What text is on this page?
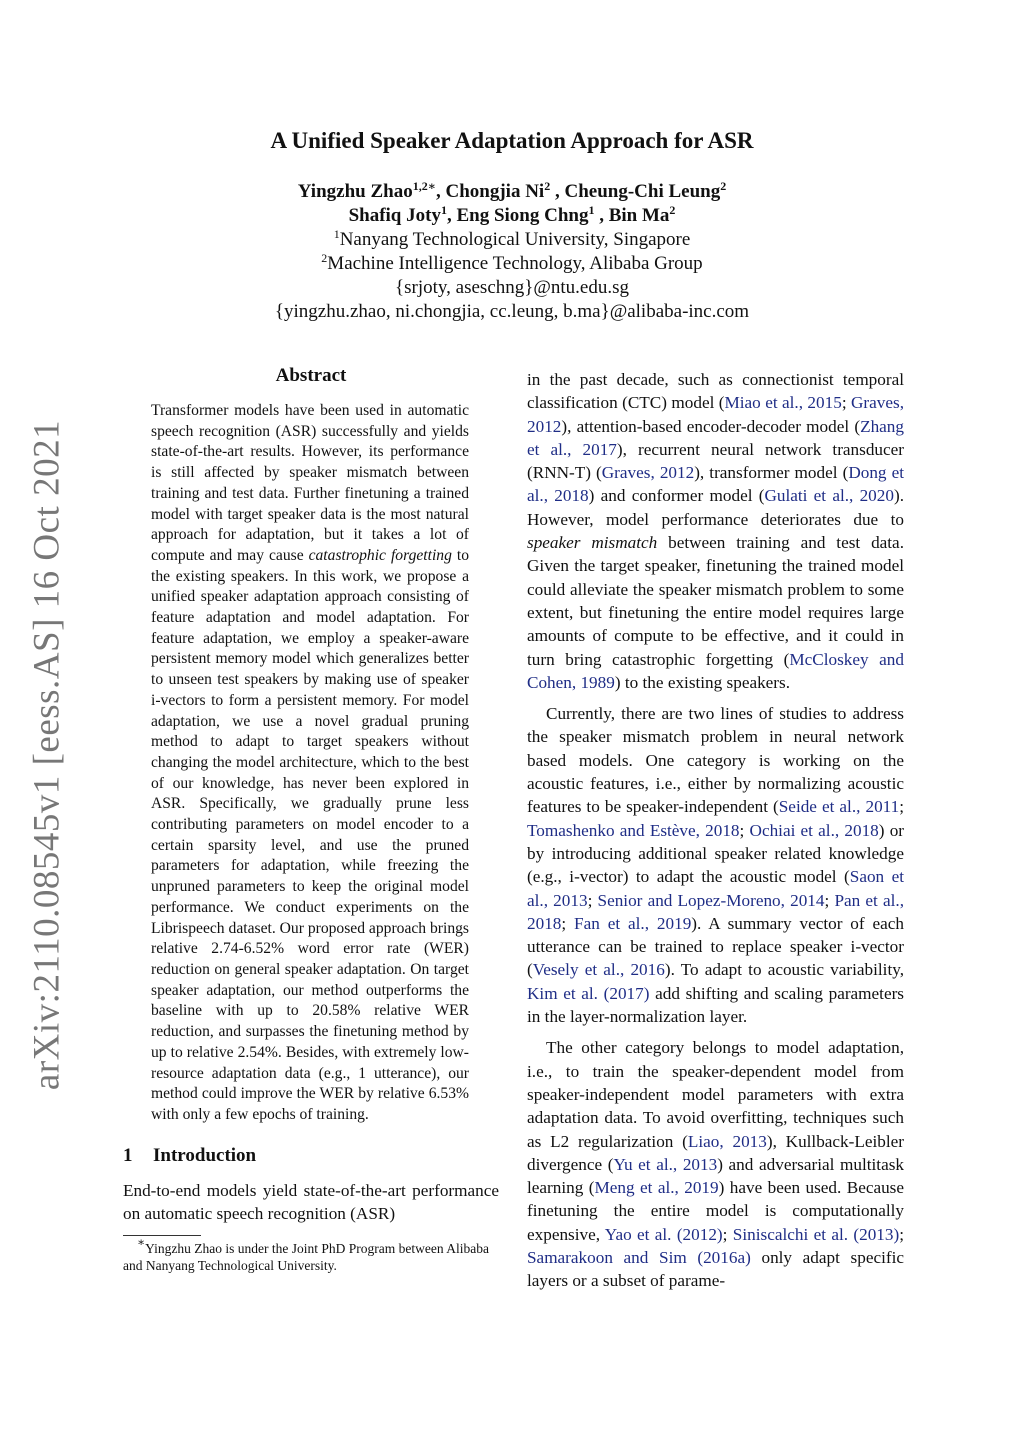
arXiv:2110.08545v1 [eess.AS] 16 Oct 2021
A Unified Speaker Adaptation Approach for ASR
Yingzhu Zhao$^{1,2∗}$, Chongjia Ni$^2$ , Cheung-Chi Leung$^2$
Shafiq Joty$^1$, Eng Siong Chng$^1$ , Bin Ma$^2$
$^1$Nanyang Technological University, Singapore
$^2$Machine Intelligence Technology, Alibaba Group
{srjoty, aseschng}@ntu.edu.sg
{yingzhu.zhao, ni.chongjia, cc.leung, b.ma}@alibaba-inc.com
Abstract

Transformer models have been used in automatic speech recognition (ASR) successfully and yields state-of-the-art results. However, its performance is still affected by speaker mismatch between training and test data. Further finetuning a trained model with target speaker data is the most natural approach for adaptation, but it takes a lot of compute and may cause catastrophic forgetting to the existing speakers. In this work, we propose a unified speaker adaptation approach consisting of feature adaptation and model adaptation. For feature adaptation, we employ a speaker-aware persistent memory model which generalizes better to unseen test speakers by making use of speaker i-vectors to form a persistent memory. For model adaptation, we use a novel gradual pruning method to adapt to target speakers without changing the model architecture, which to the best of our knowledge, has never been explored in ASR. Specifically, we gradually prune less contributing parameters on model encoder to a certain sparsity level, and use the pruned parameters for adaptation, while freezing the unpruned parameters to keep the original model performance. We conduct experiments on the Librispeech dataset. Our proposed approach brings relative 2.74-6.52% word error rate (WER) reduction on general speaker adaptation. On target speaker adaptation, our method outperforms the baseline with up to 20.58% relative WER reduction, and surpasses the finetuning method by up to relative 2.54%. Besides, with extremely low-resource adaptation data (e.g., 1 utterance), our method could improve the WER by relative 6.53% with only a few epochs of training.

1 Introduction

End-to-end models yield state-of-the-art performance on automatic speech recognition (ASR)

∗Yingzhu Zhao is under the Joint PhD Program between Alibaba and Nanyang Technological University.

in the past decade, such as connectionist temporal classification (CTC) model (Miao et al., 2015; Graves, 2012), attention-based encoder-decoder model (Zhang et al., 2017), recurrent neural network transducer (RNN-T) (Graves, 2012), transformer model (Dong et al., 2018) and conformer model (Gulati et al., 2020). However, model performance deteriorates due to speaker mismatch between training and test data. Given the target speaker, finetuning the trained model could alleviate the speaker mismatch problem to some extent, but finetuning the entire model requires large amounts of compute to be effective, and it could in turn bring catastrophic forgetting (McCloskey and Cohen, 1989) to the existing speakers.

Currently, there are two lines of studies to address the speaker mismatch problem in neural network based models. One category is working on the acoustic features, i.e., either by normalizing acoustic features to be speaker-independent (Seide et al., 2011; Tomashenko and Estève, 2018; Ochiai et al., 2018) or by introducing additional speaker related knowledge (e.g., i-vector) to adapt the acoustic model (Saon et al., 2013; Senior and Lopez-Moreno, 2014; Pan et al., 2018; Fan et al., 2019). A summary vector of each utterance can be trained to replace speaker i-vector (Vesely et al., 2016). To adapt to acoustic variability, Kim et al. (2017) add shifting and scaling parameters in the layer-normalization layer.

The other category belongs to model adaptation, i.e., to train the speaker-dependent model from speaker-independent model parameters with extra adaptation data. To avoid overfitting, techniques such as L2 regularization (Liao, 2013), Kullback-Leibler divergence (Yu et al., 2013) and adversarial multitask learning (Meng et al., 2019) have been used. Because finetuning the entire model is computationally expensive, Yao et al. (2012); Siniscalchi et al. (2013); Samarakoon and Sim (2016a) only adapt specific layers or a subset of parame-
